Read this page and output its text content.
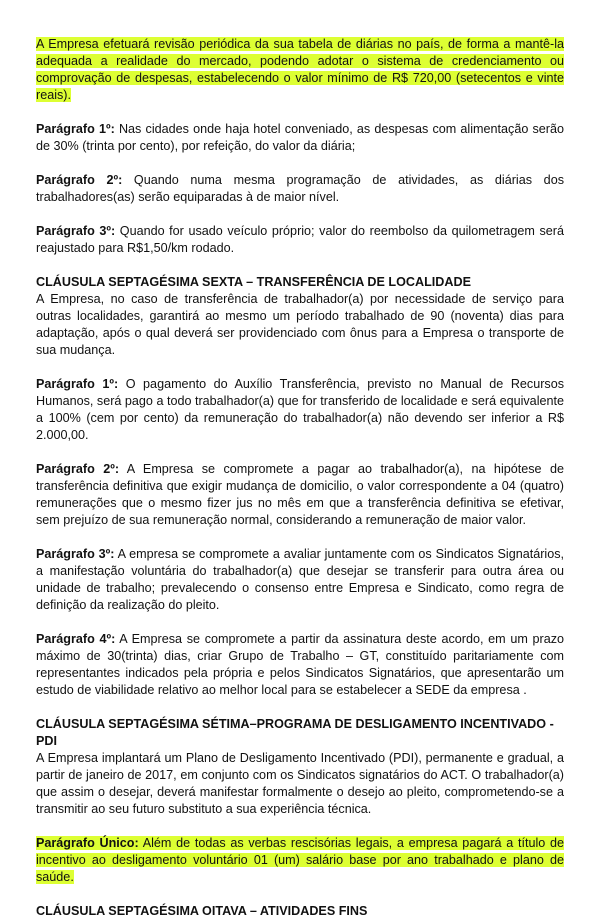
A Empresa efetuará revisão periódica da sua tabela de diárias no país, de forma a mantê-la adequada a realidade do mercado, podendo adotar o sistema de credenciamento ou comprovação de despesas, estabelecendo o valor mínimo de R$ 720,00 (setecentos e vinte reais).

Parágrafo 1º: Nas cidades onde haja hotel conveniado, as despesas com alimentação serão de 30% (trinta por cento), por refeição, do valor da diária;

Parágrafo 2º: Quando numa mesma programação de atividades, as diárias dos trabalhadores(as) serão equiparadas à de maior nível.

Parágrafo 3º: Quando for usado veículo próprio; valor do reembolso da quilometragem será reajustado para R$1,50/km rodado.

CLÁUSULA SEPTAGÉSIMA SEXTA – TRANSFERÊNCIA DE LOCALIDADE

A Empresa, no caso de transferência de trabalhador(a) por necessidade de serviço para outras localidades, garantirá ao mesmo um período trabalhado de 90 (noventa) dias para adaptação, após o qual deverá ser providenciado com ônus para a Empresa o transporte de sua mudança.

Parágrafo 1º: O pagamento do Auxílio Transferência, previsto no Manual de Recursos Humanos, será pago a todo trabalhador(a) que for transferido de localidade e será equivalente a 100% (cem por cento) da remuneração do trabalhador(a) não devendo ser inferior a R$ 2.000,00.

Parágrafo 2º: A Empresa se compromete a pagar ao trabalhador(a), na hipótese de transferência definitiva que exigir mudança de domicilio, o valor correspondente a 04 (quatro) remunerações que o mesmo fizer jus no mês em que a transferência definitiva se efetivar, sem prejuízo de sua remuneração normal, considerando a remuneração de maior valor.

Parágrafo 3º: A empresa se compromete a avaliar juntamente com os Sindicatos Signatários, a manifestação voluntária do trabalhador(a) que desejar se transferir para outra área ou unidade de trabalho; prevalecendo o consenso entre Empresa e Sindicato, como regra de definição da realização do pleito.

Parágrafo 4º: A Empresa se compromete a partir da assinatura deste acordo, em um prazo máximo de 30(trinta) dias, criar Grupo de Trabalho – GT, constituído paritariamente com representantes indicados pela própria e pelos Sindicatos Signatários, que apresentarão um estudo de viabilidade relativo ao melhor local para se estabelecer a SEDE da empresa .

CLÁUSULA SEPTAGÉSIMA SÉTIMA–PROGRAMA DE DESLIGAMENTO INCENTIVADO - PDI

A Empresa implantará um Plano de Desligamento Incentivado (PDI), permanente e gradual, a partir de janeiro de 2017, em conjunto com os Sindicatos signatários do ACT. O trabalhador(a) que assim o desejar, deverá manifestar formalmente o desejo ao pleito, comprometendo-se a transmitir ao seu futuro substituto a sua experiência técnica.

Parágrafo Único: Além de todas as verbas rescisórias legais, a empresa pagará a título de incentivo ao desligamento voluntário 01 (um) salário base por ano trabalhado e plano de saúde.

CLÁUSULA SEPTAGÉSIMA OITAVA – ATIVIDADES FINS
